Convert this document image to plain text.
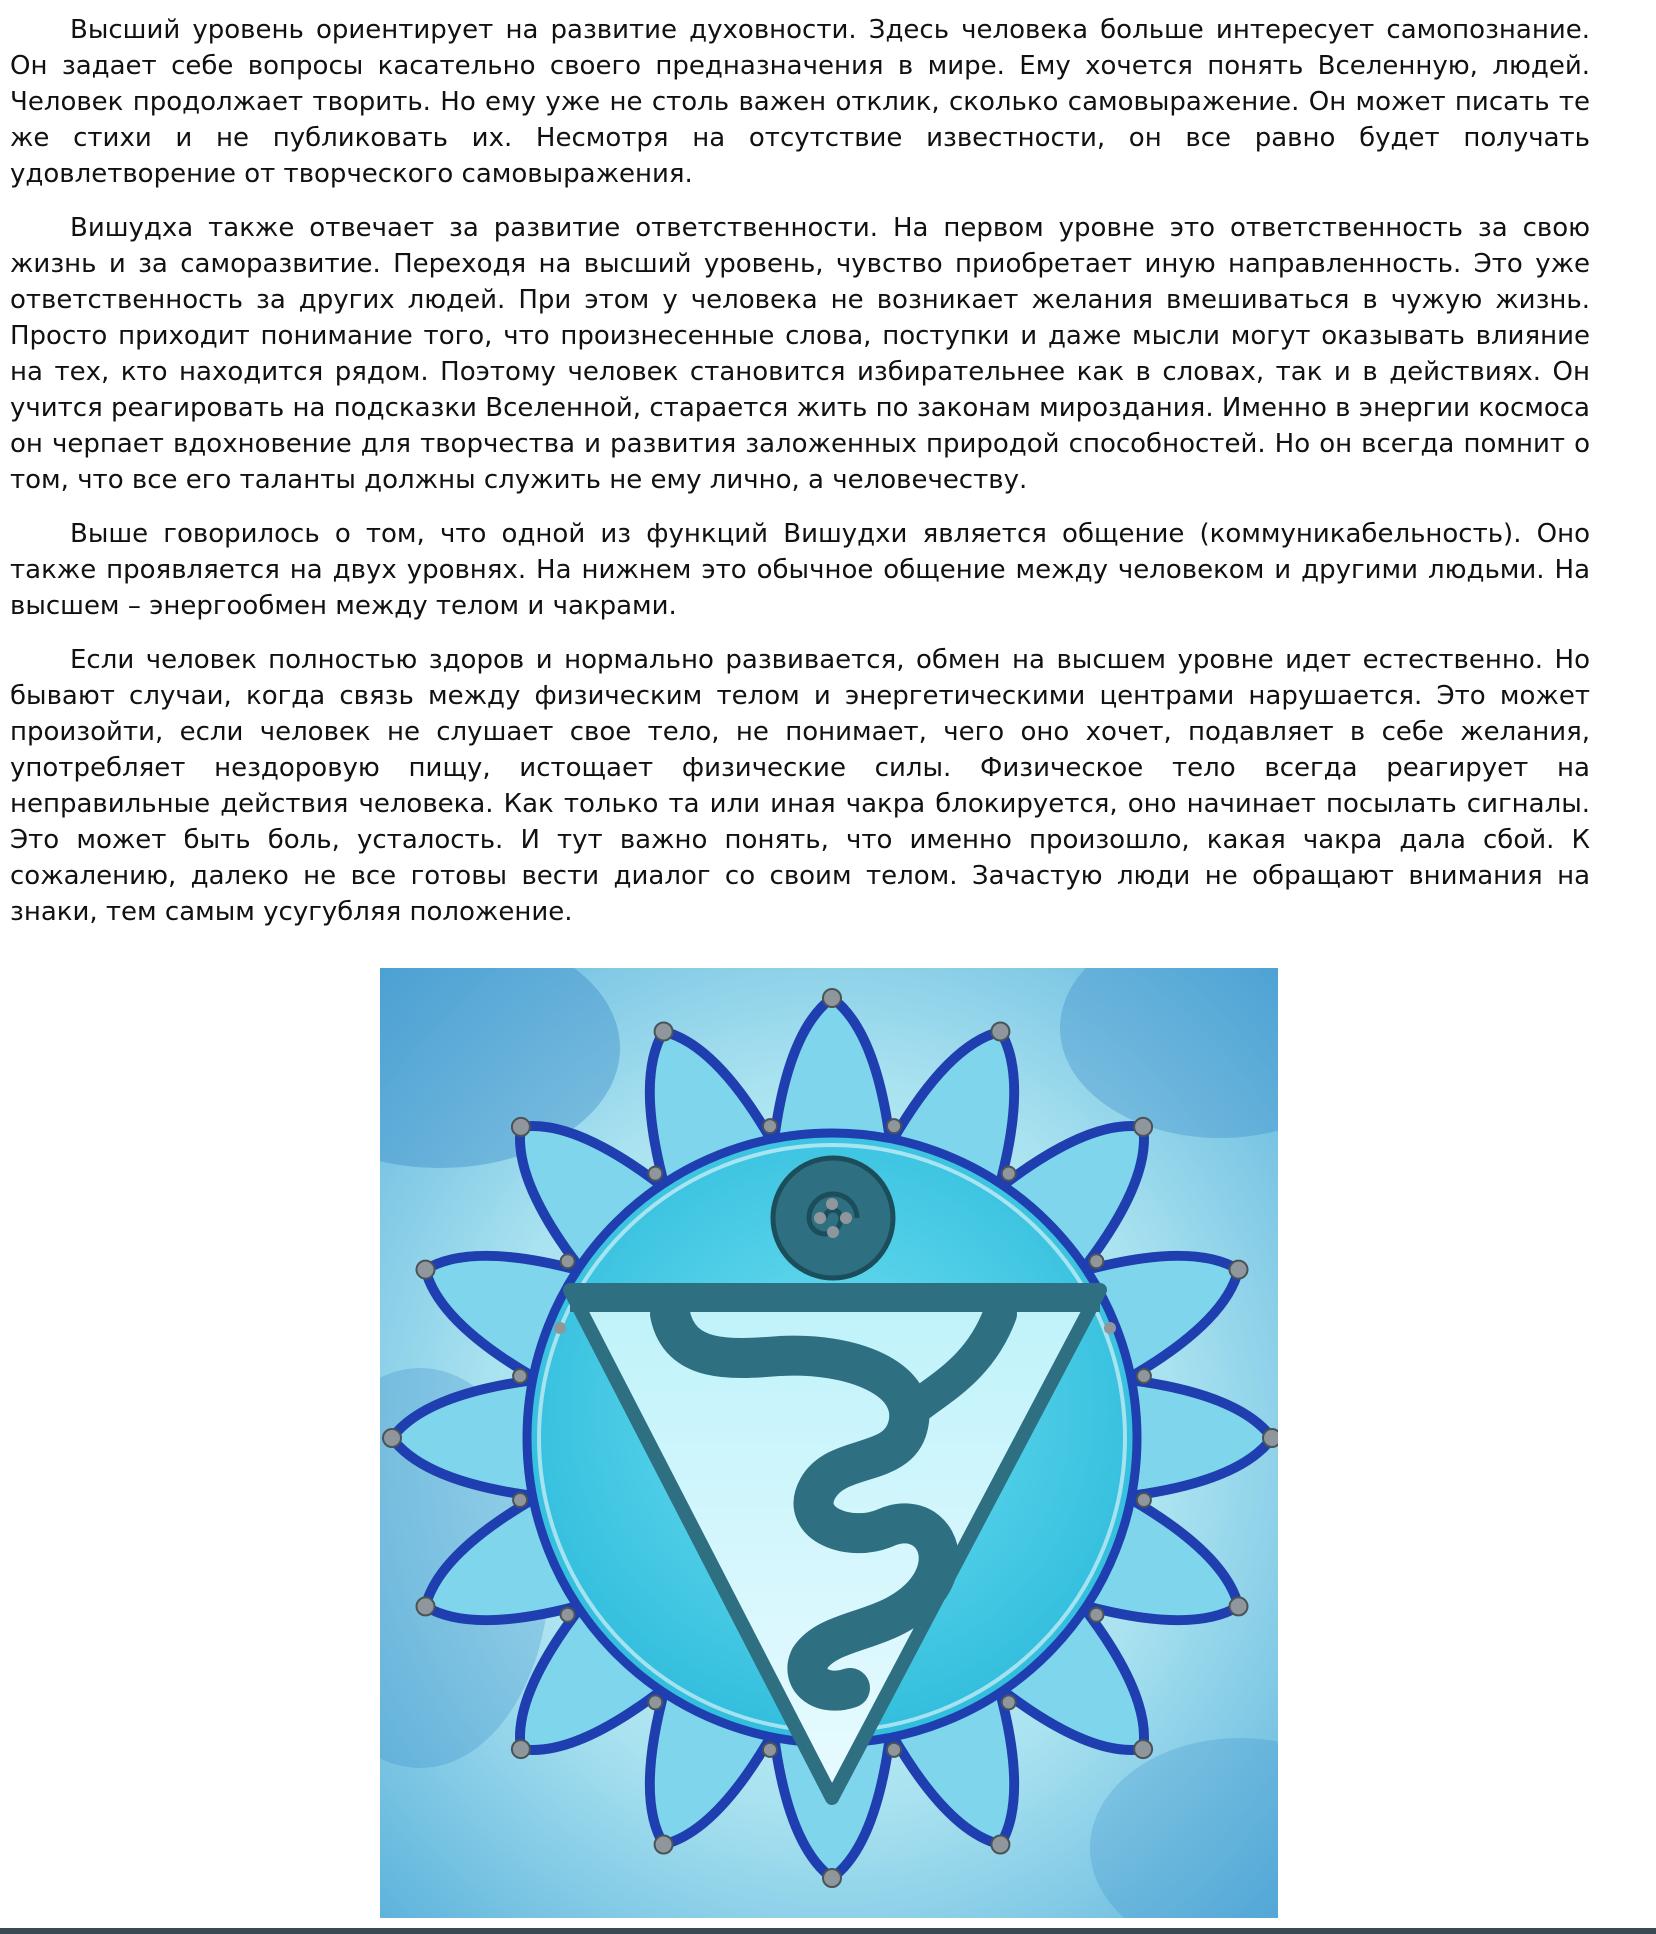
Высший уровень ориентирует на развитие духовности. Здесь человека больше интересует самопознание. Он задает себе вопросы касательно своего предназначения в мире. Ему хочется понять Вселенную, людей. Человек продолжает творить. Но ему уже не столь важен отклик, сколько самовыражение. Он может писать те же стихи и не публиковать их. Несмотря на отсутствие известности, он все равно будет получать удовлетворение от творческого самовыражения.

Вишудха также отвечает за развитие ответственности. На первом уровне это ответственность за свою жизнь и за саморазвитие. Переходя на высший уровень, чувство приобретает иную направленность. Это уже ответственность за других людей. При этом у человека не возникает желания вмешиваться в чужую жизнь. Просто приходит понимание того, что произнесенные слова, поступки и даже мысли могут оказывать влияние на тех, кто находится рядом. Поэтому человек становится избирательнее как в словах, так и в действиях. Он учится реагировать на подсказки Вселенной, старается жить по законам мироздания. Именно в энергии космоса он черпает вдохновение для творчества и развития заложенных природой способностей. Но он всегда помнит о том, что все его таланты должны служить не ему лично, а человечеству.

Выше говорилось о том, что одной из функций Вишудхи является общение (коммуникабельность). Оно также проявляется на двух уровнях. На нижнем это обычное общение между человеком и другими людьми. На высшем – энергообмен между телом и чакрами.

Если человек полностью здоров и нормально развивается, обмен на высшем уровне идет естественно. Но бывают случаи, когда связь между физическим телом и энергетическими центрами нарушается. Это может произойти, если человек не слушает свое тело, не понимает, чего оно хочет, подавляет в себе желания, употребляет нездоровую пищу, истощает физические силы. Физическое тело всегда реагирует на неправильные действия человека. Как только та или иная чакра блокируется, оно начинает посылать сигналы. Это может быть боль, усталость. И тут важно понять, что именно произошло, какая чакра дала сбой. К сожалению, далеко не все готовы вести диалог со своим телом. Зачастую люди не обращают внимания на знаки, тем самым усугубляя положение.
